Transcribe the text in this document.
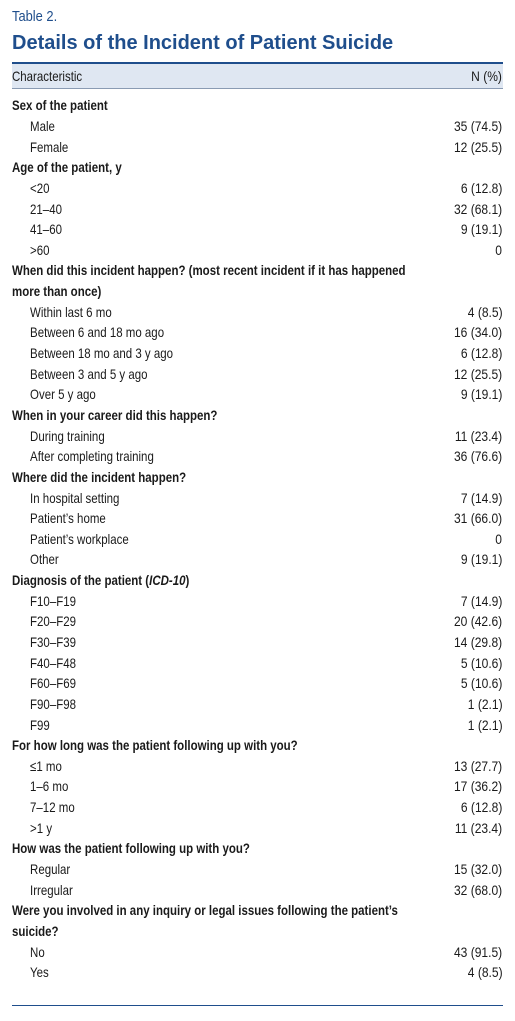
Table 2.
Details of the Incident of Patient Suicide
Characteristic	N (%)
Sex of the patient
Male	35 (74.5)
Female	12 (25.5)
Age of the patient, y
<20	6 (12.8)
21–40	32 (68.1)
41–60	9 (19.1)
>60	0
When did this incident happen? (most recent incident if it has happened more than once)
Within last 6 mo	4 (8.5)
Between 6 and 18 mo ago	16 (34.0)
Between 18 mo and 3 y ago	6 (12.8)
Between 3 and 5 y ago	12 (25.5)
Over 5 y ago	9 (19.1)
When in your career did this happen?
During training	11 (23.4)
After completing training	36 (76.6)
Where did the incident happen?
In hospital setting	7 (14.9)
Patient’s home	31 (66.0)
Patient’s workplace	0
Other	9 (19.1)
Diagnosis of the patient (ICD-10)
F10–F19	7 (14.9)
F20–F29	20 (42.6)
F30–F39	14 (29.8)
F40–F48	5 (10.6)
F60–F69	5 (10.6)
F90–F98	1 (2.1)
F99	1 (2.1)
For how long was the patient following up with you?
≤1 mo	13 (27.7)
1–6 mo	17 (36.2)
7–12 mo	6 (12.8)
>1 y	11 (23.4)
How was the patient following up with you?
Regular	15 (32.0)
Irregular	32 (68.0)
Were you involved in any inquiry or legal issues following the patient’s suicide?
No	43 (91.5)
Yes	4 (8.5)
